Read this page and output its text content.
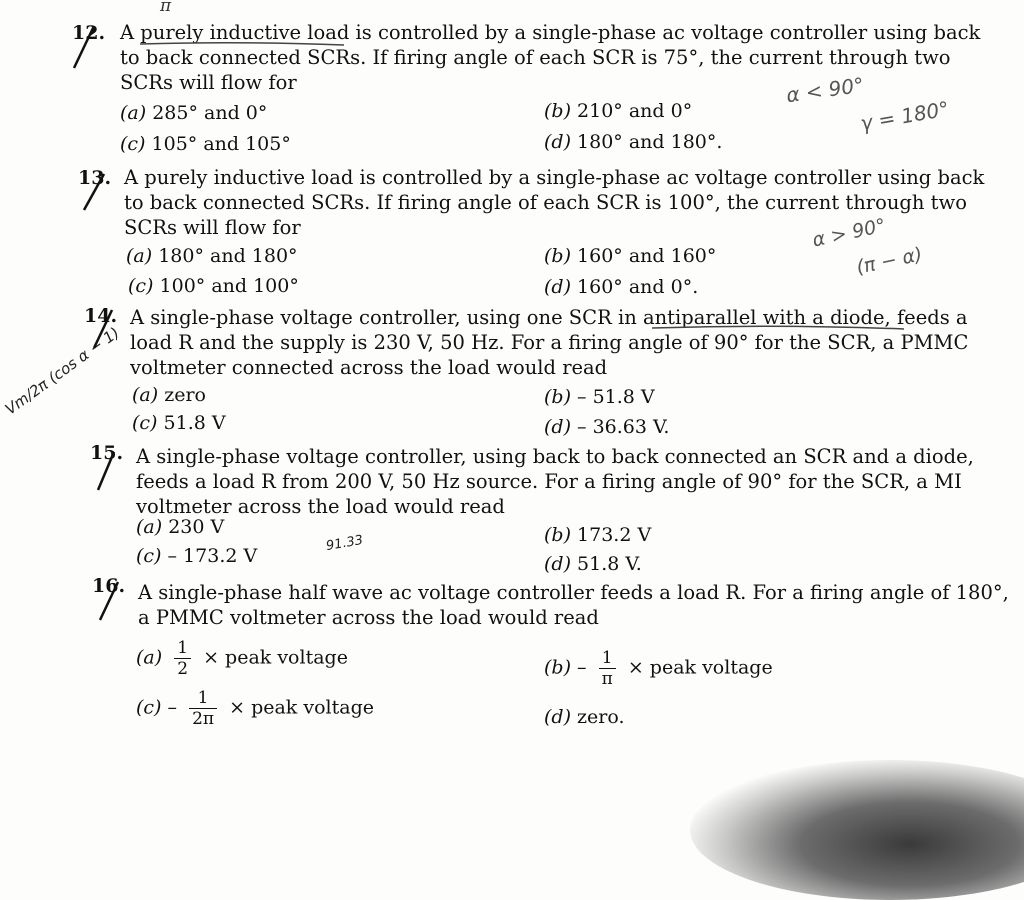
π
12. A purely inductive load is controlled by a single-phase ac voltage controller using back
to back connected SCRs. If firing angle of each SCR is 75°, the current through two
SCRs will flow for
(a) 285° and 0°	(b) 210° and 0°
(c) 105° and 105°	(d) 180° and 180°.
13. A purely inductive load is controlled by a single-phase ac voltage controller using back
to back connected SCRs. If firing angle of each SCR is 100°, the current through two
SCRs will flow for
(a) 180° and 180°	(b) 160° and 160°
(c) 100° and 100°	(d) 160° and 0°.
14. A single-phase voltage controller, using one SCR in antiparallel with a diode, feeds a
load R and the supply is 230 V, 50 Hz. For a firing angle of 90° for the SCR, a PMMC
voltmeter connected across the load would read
(a) zero	(b) – 51.8 V
(c) 51.8 V	(d) – 36.63 V.
15. A single-phase voltage controller, using back to back connected an SCR and a diode,
feeds a load R from 200 V, 50 Hz source. For a firing angle of 90° for the SCR, a MI
voltmeter across the load would read
(a) 230 V	(b) 173.2 V
(c) – 173.2 V	(d) 51.8 V.
16. A single-phase half wave ac voltage controller feeds a load R. For a firing angle of 180°,
a PMMC voltmeter across the load would read
$(a) \frac{1}{2}$ × peak voltage	$(b) - \frac{1}{\pi}$ × peak voltage
$(c) - \frac{1}{2\pi}$ × peak voltage	(d) zero.
α < 90°
γ = 180°
α > 90°
(π − α)
Vm/2π (cos α − 1)
91.33
